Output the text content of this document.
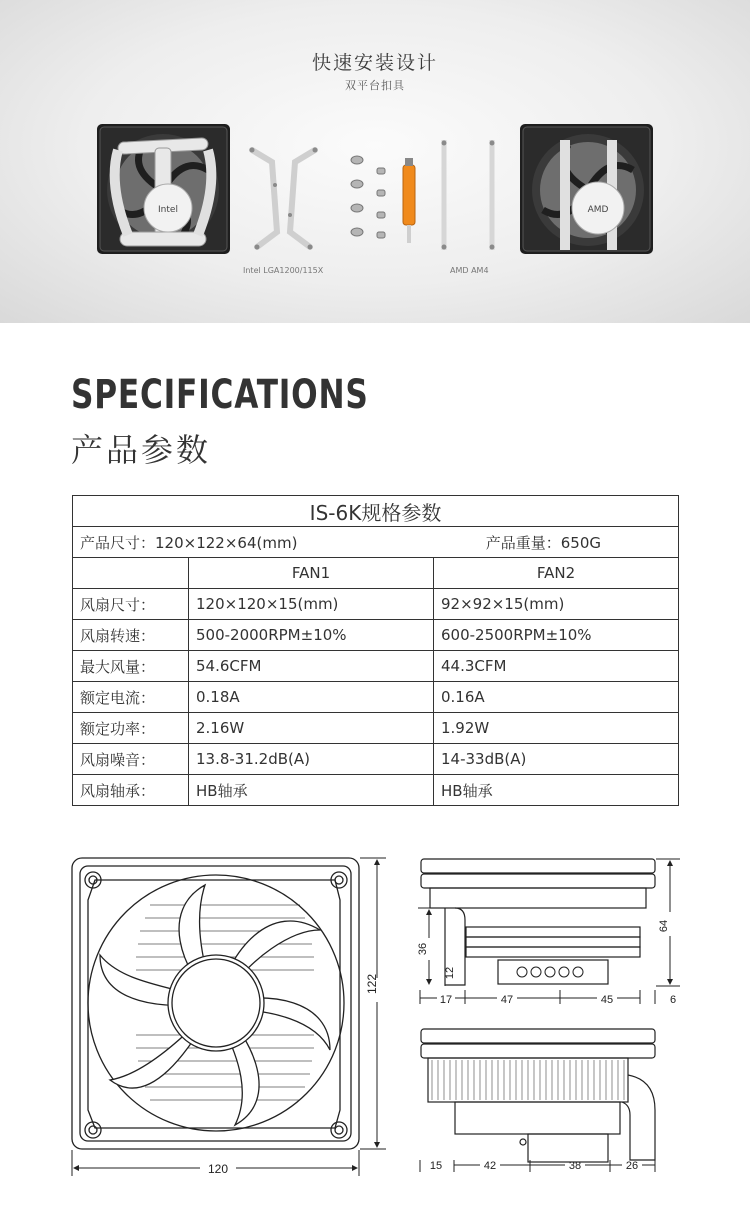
快速安装设计
双平台扣具
Intel	AMD
Intel LGA1200/115X	AMD AM4
SPECIFICATIONS
产品参数
IS-6K规格参数		

产品尺寸：120×122×64(mm) 产品重量：650G		

	FAN1	FAN2
风扇尺寸：	120×120×15(mm)	92×92×15(mm)
风扇转速：	500-2000RPM±10%	600-2500RPM±10%
最大风量：	54.6CFM	44.3CFM
额定电流：	0.18A	0.16A
额定功率：	2.16W	1.92W
风扇噪音：	13.8-31.2dB(A)	14-33dB(A)
风扇轴承：	HB轴承	HB轴承
120
122
64
36
12
17	47	45	6
15	42	38	26
